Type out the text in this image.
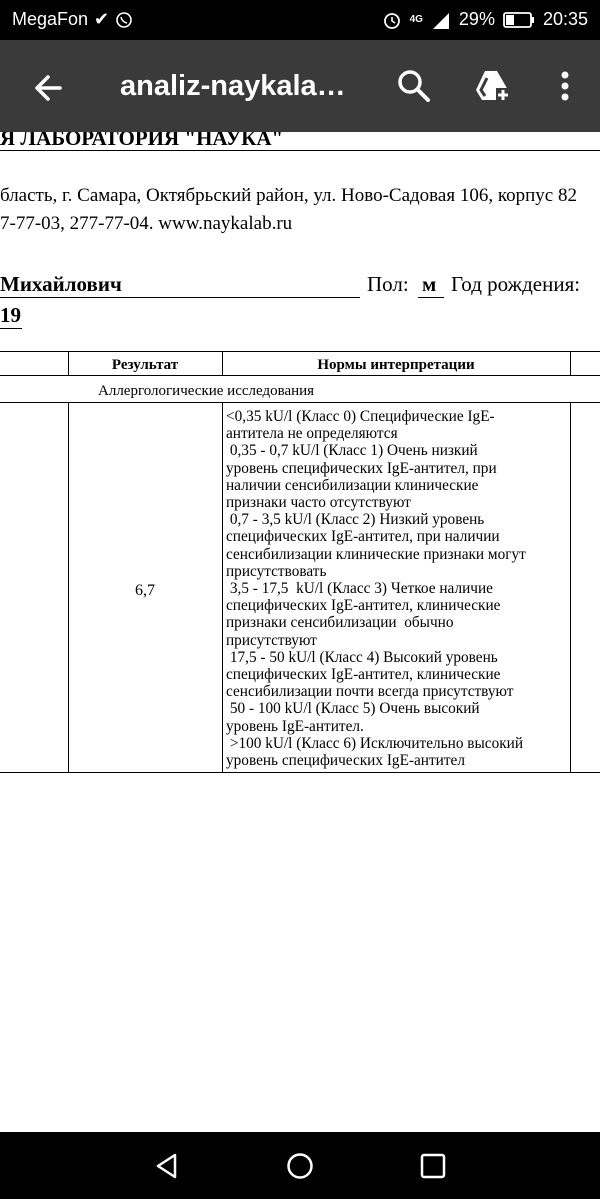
MegaFon ✔	4G 29%	20:35
analiz-naykala…
Я ЛАБОРАТОРИЯ "НАУКА"
бласть, г. Самара, Октябрьский район, ул. Ново-Садовая 106, корпус 82
7-77-03, 277-77-04. www.naykalab.ru
Михайлович	Пол: м Год рождения:
19
Результат	Нормы интерпретации
Аллергологические исследования
6,7
<0,35 kU/l (Класс 0) Специфические IgE-
антитела не определяются
0,35 - 0,7 kU/l (Класс 1) Очень низкий
уровень специфических IgE-антител, при
наличии сенсибилизации клинические
признаки часто отсутствуют
0,7 - 3,5 kU/l (Класс 2) Низкий уровень
специфических IgE-антител, при наличии
сенсибилизации клинические признаки могут
присутствовать
3,5 - 17,5  kU/l (Класс 3) Четкое наличие
специфических IgE-антител, клинические
признаки сенсибилизации  обычно
присутствуют
17,5 - 50 kU/l (Класс 4) Высокий уровень
специфических IgE-антител, клинические
сенсибилизации почти всегда присутствуют
50 - 100 kU/l (Класс 5) Очень высокий
уровень IgE-антител.
>100 kU/l (Класс 6) Исключительно высокий
уровень специфических IgE-антител
